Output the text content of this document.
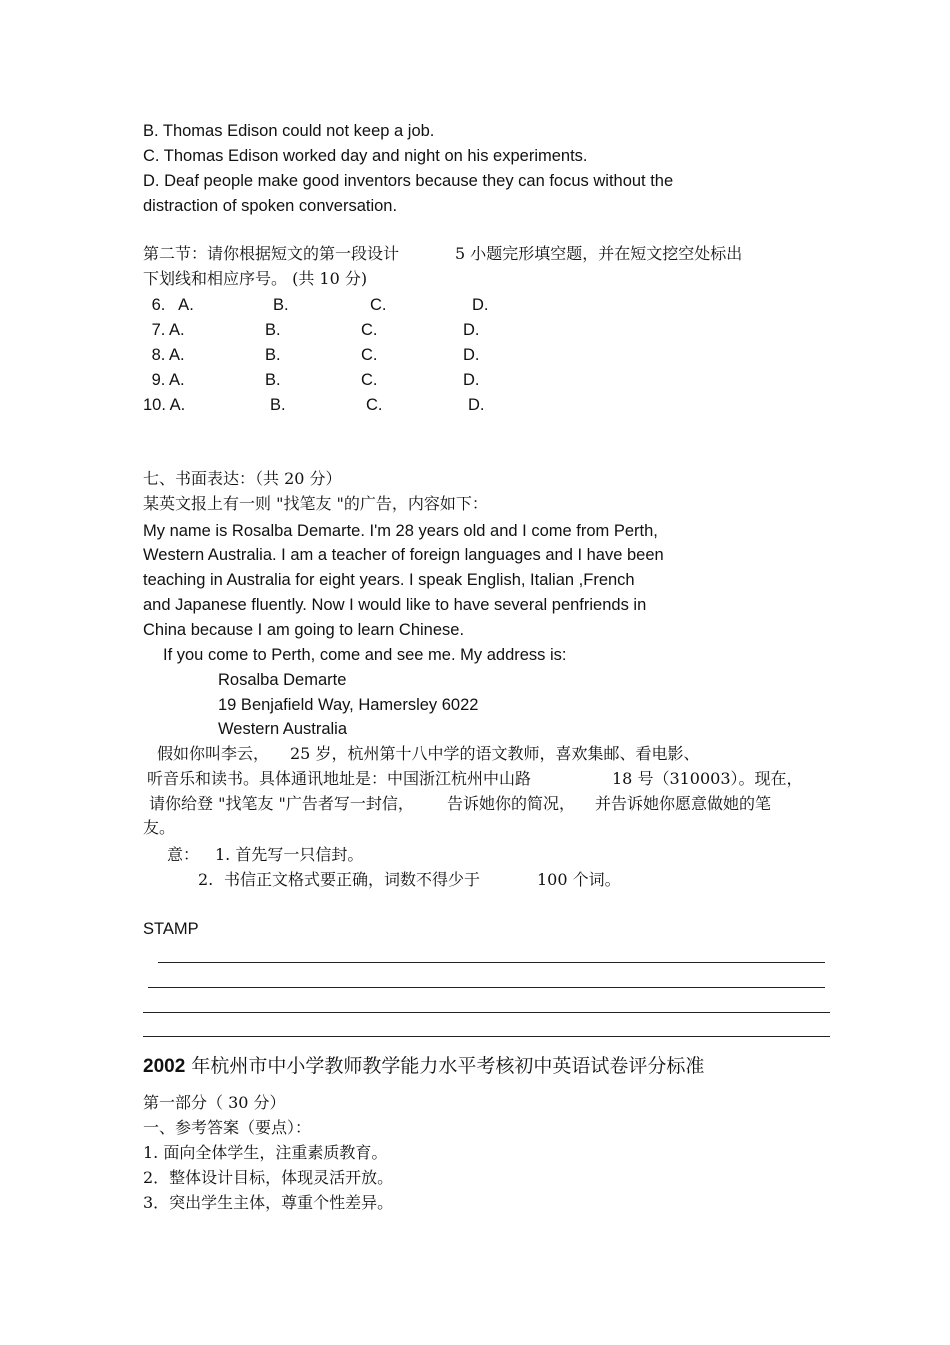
B. Thomas Edison could not keep a job.
C. Thomas Edison worked day and night on his experiments.
D. Deaf people make good inventors because they can focus without the
distraction of spoken conversation.
第二节：请你根据短文的第一段设计	5 小题完形填空题，并在短文挖空处标出
下划线和相应序号。 (共 10 分)
6.   A.	B.	C.	D.
7. A.	B.	C.	D.
8. A.	B.	C.	D.
9. A.	B.	C.	D.
10. A.	B.	C.	D.
七、书面表达：（共 20 分）
某英文报上有一则 "找笔友 "的广告，内容如下：
My name is Rosalba Demarte. I'm 28 years old and I come from Perth,
Western Australia. I am a teacher of foreign languages and I have been
teaching in Australia for eight years. I speak English, Italian ,French
and Japanese fluently. Now I would like to have several penfriends in
China because I am going to learn Chinese.
If you come to Perth, come and see me. My address is:
Rosalba Demarte
19 Benjafield Way, Hamersley 6022
Western Australia
假如你叫李云， 25 岁，杭州第十八中学的语文教师，喜欢集邮、看电影、
听音乐和读书。具体通讯地址是：中国浙江杭州中山路	18 号（310003）。现在，
请你给登 "找笔友 "广告者写一封信， 告诉她你的简况， 并告诉她你愿意做她的笔
友。
意： 1. 首先写一只信封。
2. 书信正文格式要正确，词数不得少于	100 个词。
STAMP
2002 年杭州市中小学教师教学能力水平考核初中英语试卷评分标准
第一部分（ 30 分）
一、参考答案（要点）：
1. 面向全体学生，注重素质教育。
2．整体设计目标，体现灵活开放。
3．突出学生主体，尊重个性差异。
